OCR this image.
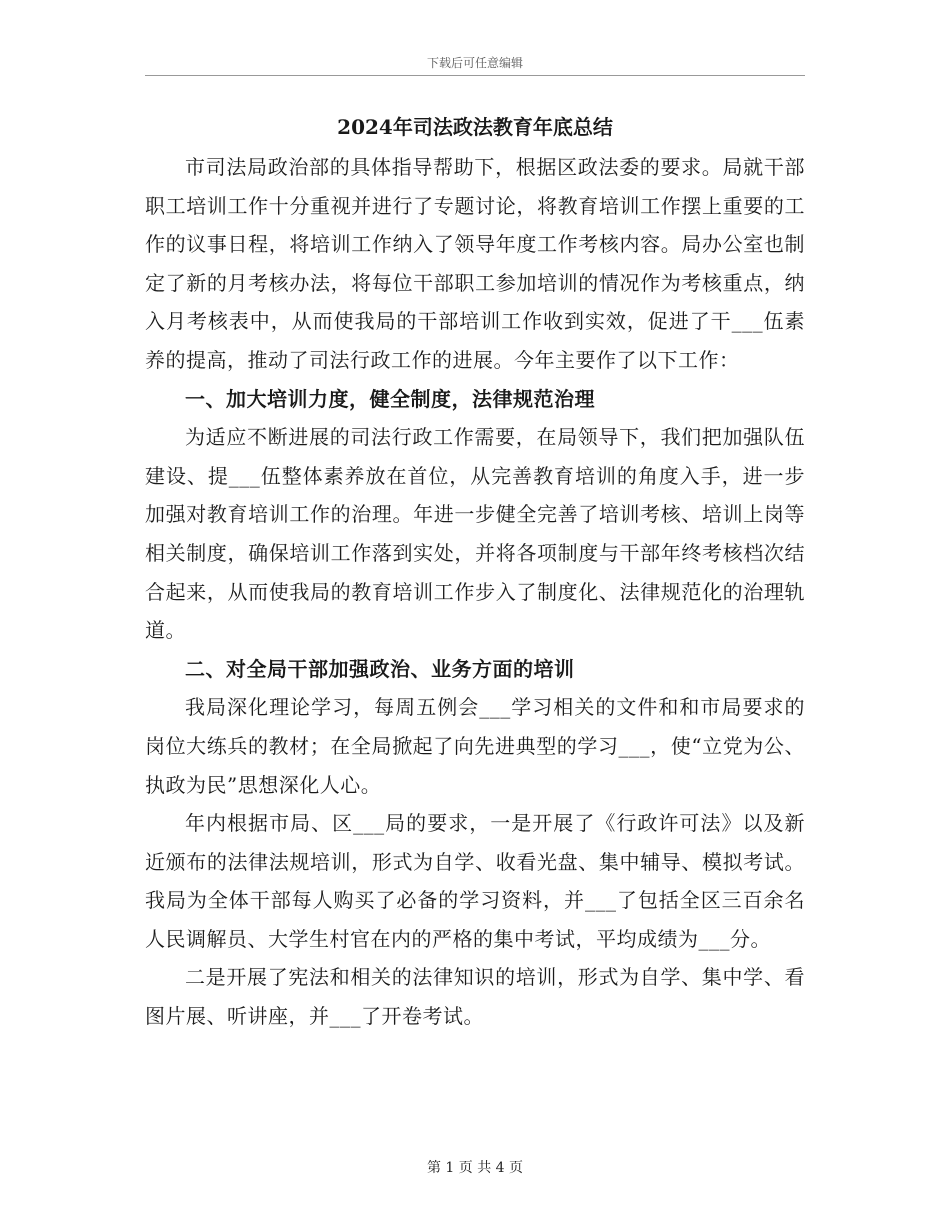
下载后可任意编辑
2024年司法政法教育年底总结

市司法局政治部的具体指导帮助下，根据区政法委的要求。局就干部职工培训工作十分重视并进行了专题讨论，将教育培训工作摆上重要的工作的议事日程，将培训工作纳入了领导年度工作考核内容。局办公室也制定了新的月考核办法，将每位干部职工参加培训的情况作为考核重点，纳入月考核表中，从而使我局的干部培训工作收到实效，促进了干___伍素养的提高，推动了司法行政工作的进展。今年主要作了以下工作：

一、加大培训力度，健全制度，法律规范治理

为适应不断进展的司法行政工作需要，在局领导下，我们把加强队伍建设、提___伍整体素养放在首位，从完善教育培训的角度入手，进一步加强对教育培训工作的治理。年进一步健全完善了培训考核、培训上岗等相关制度，确保培训工作落到实处，并将各项制度与干部年终考核档次结合起来，从而使我局的教育培训工作步入了制度化、法律规范化的治理轨道。

二、对全局干部加强政治、业务方面的培训

我局深化理论学习，每周五例会___学习相关的文件和和市局要求的岗位大练兵的教材；在全局掀起了向先进典型的学习___，使“立党为公、执政为民”思想深化人心。

年内根据市局、区___局的要求，一是开展了《行政许可法》以及新近颁布的法律法规培训，形式为自学、收看光盘、集中辅导、模拟考试。我局为全体干部每人购买了必备的学习资料，并___了包括全区三百余名人民调解员、大学生村官在内的严格的集中考试，平均成绩为___分。

二是开展了宪法和相关的法律知识的培训，形式为自学、集中学、看图片展、听讲座，并___了开卷考试。

第 1 页 共 4 页
